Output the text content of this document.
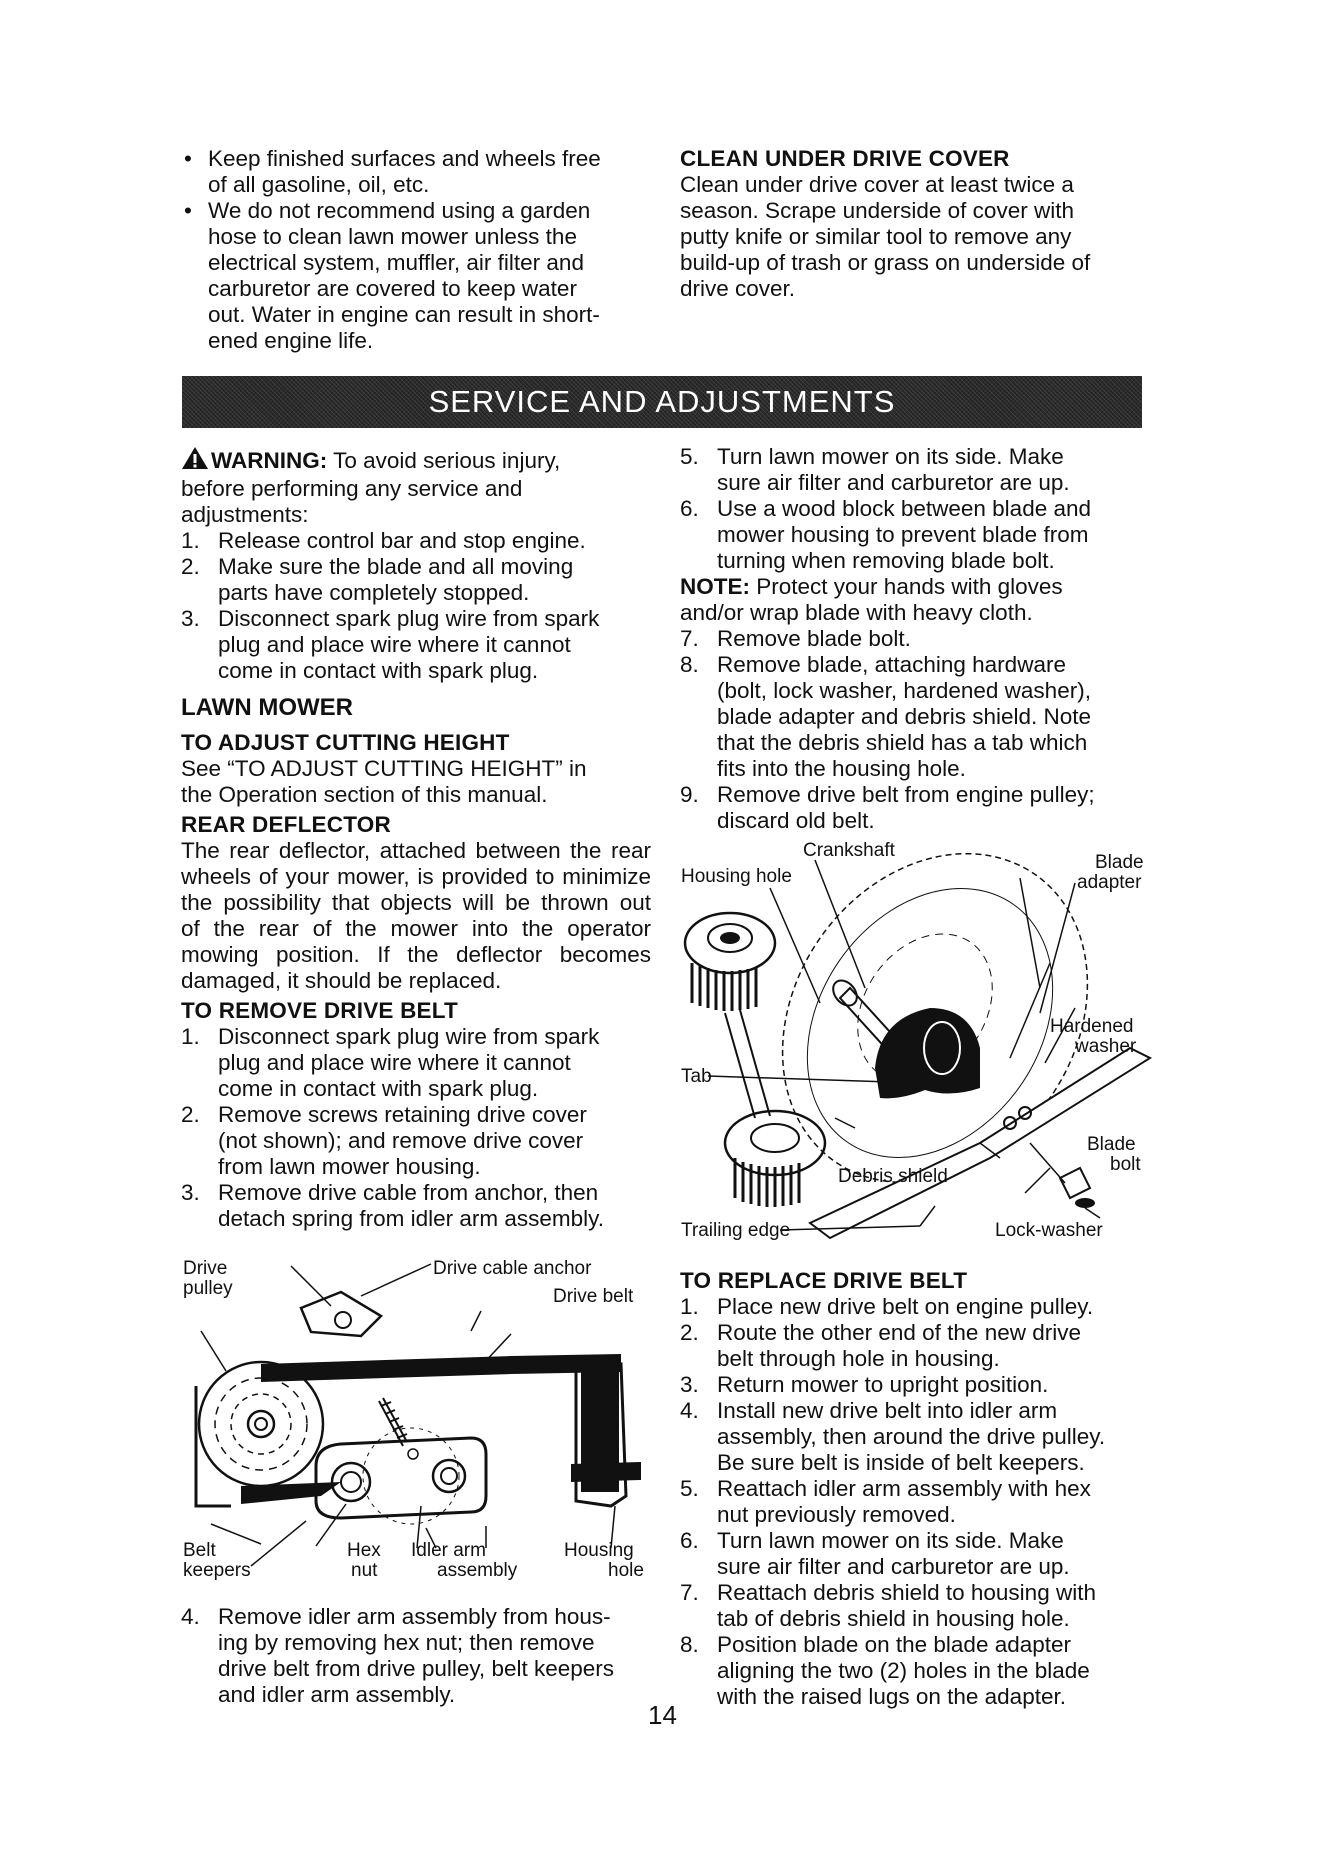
• Keep finished surfaces and wheels free
of all gasoline, oil, etc.
• We do not recommend using a garden
hose to clean lawn mower unless the
electrical system, muffler, air filter and
carburetor are covered to keep water
out. Water in engine can result in short-
ened engine life.
CLEAN UNDER DRIVE COVER
Clean under drive cover at least twice a
season. Scrape underside of cover with
putty knife or similar tool to remove any
build-up of trash or grass on underside of
drive cover.
SERVICE AND ADJUSTMENTS
WARNING: To avoid serious injury,
before performing any service and
adjustments:
1. Release control bar and stop engine.
2. Make sure the blade and all moving
parts have completely stopped.
3. Disconnect spark plug wire from spark
plug and place wire where it cannot
come in contact with spark plug.
LAWN MOWER
TO ADJUST CUTTING HEIGHT
See “TO ADJUST CUTTING HEIGHT” in
the Operation section of this manual.
REAR DEFLECTOR
The rear deflector, attached between the rear
wheels of your mower, is provided to minimize
the possibility that objects will be thrown out
of the rear of the mower into the operator
mowing position. If the deflector becomes
damaged, it should be replaced.
TO REMOVE DRIVE BELT
1. Disconnect spark plug wire from spark
plug and place wire where it cannot
come in contact with spark plug.
2. Remove screws retaining drive cover
(not shown); and remove drive cover
from lawn mower housing.
3. Remove drive cable from anchor, then
detach spring from idler arm assembly.
Drive
pulley
Drive cable anchor
Drive belt
Belt
keepers
Hex
nut
Idler arm
assembly
Housing
hole
4. Remove idler arm assembly from hous-
ing by removing hex nut; then remove
drive belt from drive pulley, belt keepers
and idler arm assembly.
5. Turn lawn mower on its side. Make
sure air filter and carburetor are up.
6. Use a wood block between blade and
mower housing to prevent blade from
turning when removing blade bolt.
NOTE: Protect your hands with gloves
and/or wrap blade with heavy cloth.
7. Remove blade bolt.
8. Remove blade, attaching hardware
(bolt, lock washer, hardened washer),
blade adapter and debris shield. Note
that the debris shield has a tab which
fits into the housing hole.
9. Remove drive belt from engine pulley;
discard old belt.
Crankshaft
Housing hole
Blade
adapter
Hardened
washer
Tab
Blade
bolt
Debris shield
Trailing edge	Lock-washer
TO REPLACE DRIVE BELT
1. Place new drive belt on engine pulley.
2. Route the other end of the new drive
belt through hole in housing.
3. Return mower to upright position.
4. Install new drive belt into idler arm
assembly, then around the drive pulley.
Be sure belt is inside of belt keepers.
5. Reattach idler arm assembly with hex
nut previously removed.
6. Turn lawn mower on its side. Make
sure air filter and carburetor are up.
7. Reattach debris shield to housing with
tab of debris shield in housing hole.
8. Position blade on the blade adapter
aligning the two (2) holes in the blade
with the raised lugs on the adapter.
14
